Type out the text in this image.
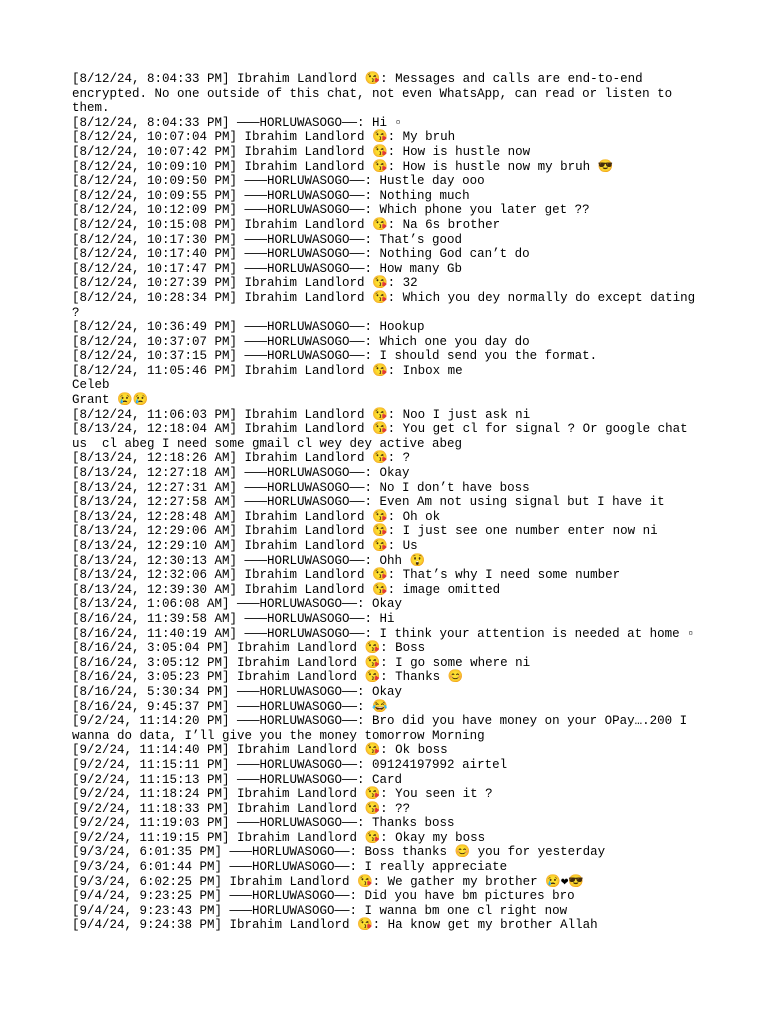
[8/12/24, 8:04:33 PM] Ibrahim Landlord 😘: Messages and calls are end-to-end encrypted. No one outside of this chat, not even WhatsApp, can read or listen to them.
[8/12/24, 8:04:33 PM] ———HORLUWASOGO——: Hi ▫
[8/12/24, 10:07:04 PM] Ibrahim Landlord 😘: My bruh
[8/12/24, 10:07:42 PM] Ibrahim Landlord 😘: How is hustle now
[8/12/24, 10:09:10 PM] Ibrahim Landlord 😘: How is hustle now my bruh 😎
[8/12/24, 10:09:50 PM] ———HORLUWASOGO——: Hustle day ooo
[8/12/24, 10:09:55 PM] ———HORLUWASOGO——: Nothing much
[8/12/24, 10:12:09 PM] ———HORLUWASOGO——: Which phone you later get ??
[8/12/24, 10:15:08 PM] Ibrahim Landlord 😘: Na 6s brother
[8/12/24, 10:17:30 PM] ———HORLUWASOGO——: That’s good
[8/12/24, 10:17:40 PM] ———HORLUWASOGO——: Nothing God can’t do
[8/12/24, 10:17:47 PM] ———HORLUWASOGO——: How many Gb
[8/12/24, 10:27:39 PM] Ibrahim Landlord 😘: 32
[8/12/24, 10:28:34 PM] Ibrahim Landlord 😘: Which you dey normally do except dating ?
[8/12/24, 10:36:49 PM] ———HORLUWASOGO——: Hookup
[8/12/24, 10:37:07 PM] ———HORLUWASOGO——: Which one you day do
[8/12/24, 10:37:15 PM] ———HORLUWASOGO——: I should send you the format.
[8/12/24, 11:05:46 PM] Ibrahim Landlord 😘: Inbox me
Celeb
Grant 😢😢
[8/12/24, 11:06:03 PM] Ibrahim Landlord 😘: Noo I just ask ni
[8/13/24, 12:18:04 AM] Ibrahim Landlord 😘: You get cl for signal ? Or google chat us  cl abeg I need some gmail cl wey dey active abeg
[8/13/24, 12:18:26 AM] Ibrahim Landlord 😘: ?
[8/13/24, 12:27:18 AM] ———HORLUWASOGO——: Okay
[8/13/24, 12:27:31 AM] ———HORLUWASOGO——: No I don’t have boss
[8/13/24, 12:27:58 AM] ———HORLUWASOGO——: Even Am not using signal but I have it
[8/13/24, 12:28:48 AM] Ibrahim Landlord 😘: Oh ok
[8/13/24, 12:29:06 AM] Ibrahim Landlord 😘: I just see one number enter now ni
[8/13/24, 12:29:10 AM] Ibrahim Landlord 😘: Us
[8/13/24, 12:30:13 AM] ———HORLUWASOGO——: Ohh 😲
[8/13/24, 12:32:06 AM] Ibrahim Landlord 😘: That’s why I need some number
[8/13/24, 12:39:30 AM] Ibrahim Landlord 😘: image omitted
[8/13/24, 1:06:08 AM] ———HORLUWASOGO——: Okay
[8/16/24, 11:39:58 AM] ———HORLUWASOGO——: Hi
[8/16/24, 11:40:19 AM] ———HORLUWASOGO——: I think your attention is needed at home ▫
[8/16/24, 3:05:04 PM] Ibrahim Landlord 😘: Boss
[8/16/24, 3:05:12 PM] Ibrahim Landlord 😘: I go some where ni
[8/16/24, 3:05:23 PM] Ibrahim Landlord 😘: Thanks 😊
[8/16/24, 5:30:34 PM] ———HORLUWASOGO——: Okay
[8/16/24, 9:45:37 PM] ———HORLUWASOGO——: 😂
[9/2/24, 11:14:20 PM] ———HORLUWASOGO——: Bro did you have money on your OPay….200 I wanna do data, I’ll give you the money tomorrow Morning
[9/2/24, 11:14:40 PM] Ibrahim Landlord 😘: Ok boss
[9/2/24, 11:15:11 PM] ———HORLUWASOGO——: 09124197992 airtel
[9/2/24, 11:15:13 PM] ———HORLUWASOGO——: Card
[9/2/24, 11:18:24 PM] Ibrahim Landlord 😘: You seen it ?
[9/2/24, 11:18:33 PM] Ibrahim Landlord 😘: ??
[9/2/24, 11:19:03 PM] ———HORLUWASOGO——: Thanks boss
[9/2/24, 11:19:15 PM] Ibrahim Landlord 😘: Okay my boss
[9/3/24, 6:01:35 PM] ———HORLUWASOGO——: Boss thanks 😊 you for yesterday
[9/3/24, 6:01:44 PM] ———HORLUWASOGO——: I really appreciate
[9/3/24, 6:02:25 PM] Ibrahim Landlord 😘: We gather my brother 😢❤😎
[9/4/24, 9:23:25 PM] ———HORLUWASOGO——: Did you have bm pictures bro
[9/4/24, 9:23:43 PM] ———HORLUWASOGO——: I wanna bm one cl right now
[9/4/24, 9:24:38 PM] Ibrahim Landlord 😘: Ha know get my brother Allah
